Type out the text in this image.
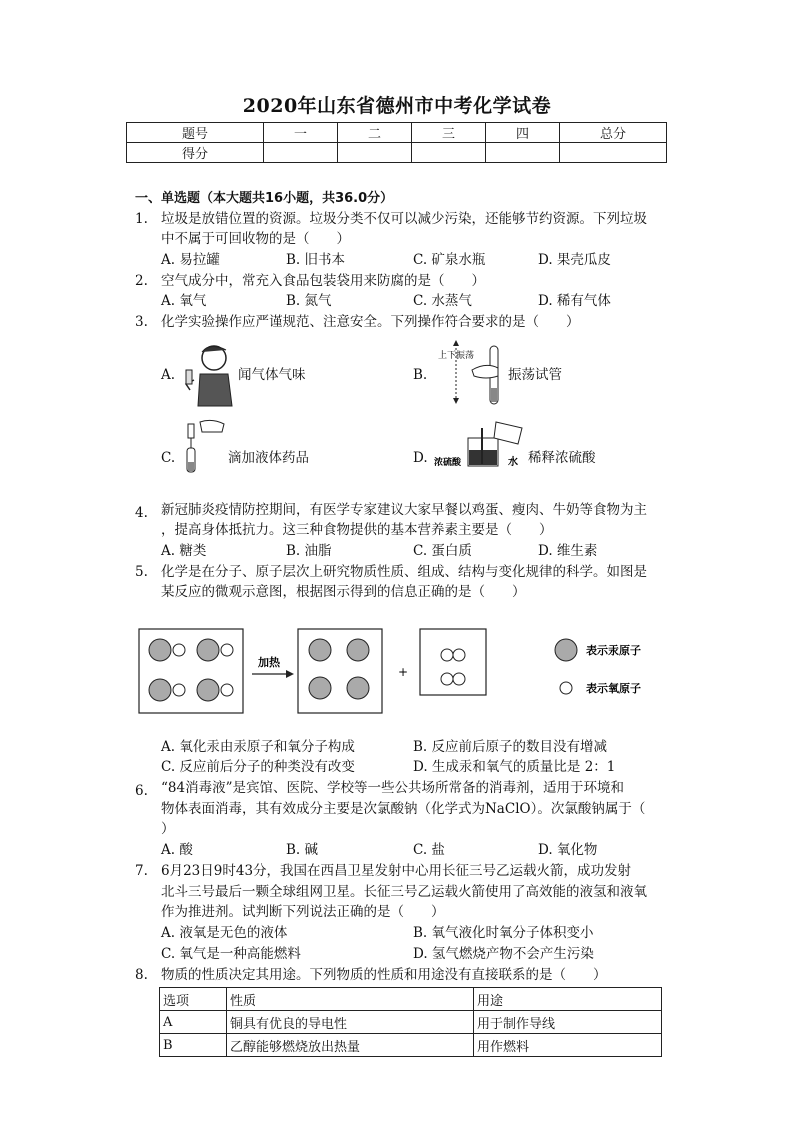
2020年山东省德州市中考化学试卷
题号	一	二	三	四	总分
得分					
一、单选题（本大题共16小题，共36.0分）
1. 垃圾是放错位置的资源。垃圾分类不仅可以减少污染，还能够节约资源。下列垃圾
中不属于可回收物的是（　　）
A. 易拉罐	B. 旧书本	C. 矿泉水瓶	D. 果壳瓜皮
2. 空气成分中，常充入食品包装袋用来防腐的是（　　）
A. 氧气	B. 氮气	C. 水蒸气	D. 稀有气体
3. 化学实验操作应严谨规范、注意安全。下列操作符合要求的是（　　）
A.	闻气体气味	B.
上下振荡
振荡试管
C.	滴加液体药品	D. 浓硫酸	水 稀释浓硫酸
4. 新冠肺炎疫情防控期间，有医学专家建议大家早餐以鸡蛋、瘦肉、牛奶等食物为主
，提高身体抵抗力。这三种食物提供的基本营养素主要是（　　）
A. 糖类	B. 油脂	C. 蛋白质	D. 维生素
5. 化学是在分子、原子层次上研究物质性质、组成、结构与变化规律的科学。如图是
某反应的微观示意图，根据图示得到的信息正确的是（　　）
加热
+
表示汞原子
表示氧原子
A. 氧化汞由汞原子和氧分子构成	B. 反应前后原子的数目没有增减
C. 反应前后分子的种类没有改变	D. 生成汞和氧气的质量比是 2：1
6. “84消毒液”是宾馆、医院、学校等一些公共场所常备的消毒剂，适用于环境和
物体表面消毒，其有效成分主要是次氯酸钠（化学式为NaClO）。次氯酸钠属于（
）
A. 酸	B. 碱	C. 盐	D. 氧化物
7. 6月23日9时43分，我国在西昌卫星发射中心用长征三号乙运载火箭，成功发射
北斗三号最后一颗全球组网卫星。长征三号乙运载火箭使用了高效能的液氢和液氧
作为推进剂。试判断下列说法正确的是（　　）
A. 液氧是无色的液体	B. 氧气液化时氧分子体积变小
C. 氧气是一种高能燃料	D. 氢气燃烧产物不会产生污染
8. 物质的性质决定其用途。下列物质的性质和用途没有直接联系的是（　　）
选项	性质	用途
A	铜具有优良的导电性	用于制作导线
B	乙醇能够燃烧放出热量	用作燃料
